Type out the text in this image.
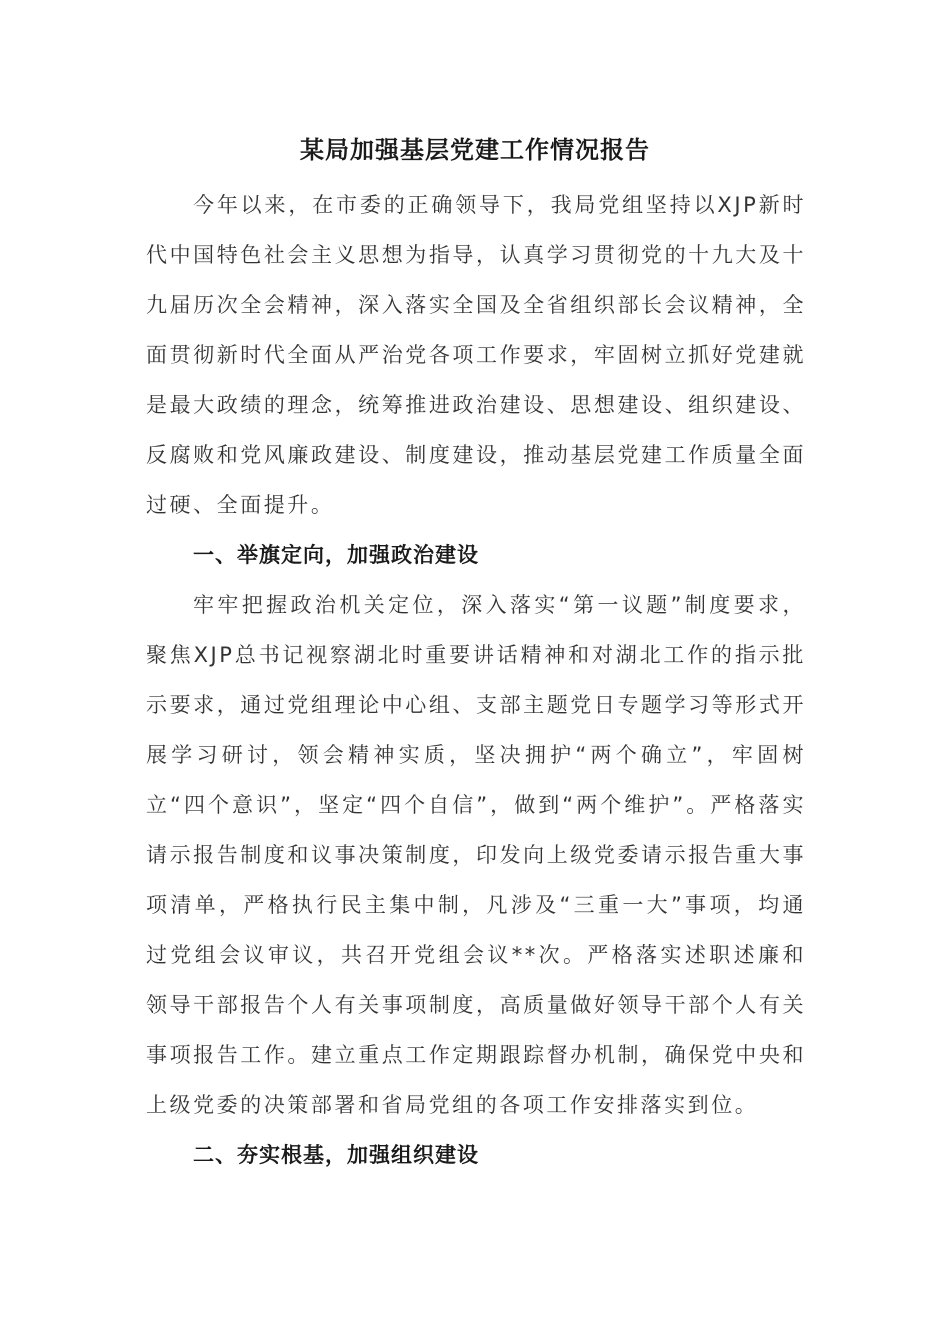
某局加强基层党建工作情况报告

今年以来，在市委的正确领导下，我局党组坚持以XJP新时代中国特色社会主义思想为指导，认真学习贯彻党的十九大及十九届历次全会精神，深入落实全国及全省组织部长会议精神，全面贯彻新时代全面从严治党各项工作要求，牢固树立抓好党建就是最大政绩的理念，统筹推进政治建设、思想建设、组织建设、反腐败和党风廉政建设、制度建设，推动基层党建工作质量全面过硬、全面提升。

一、举旗定向，加强政治建设

牢牢把握政治机关定位，深入落实“第一议题”制度要求，聚焦XJP总书记视察湖北时重要讲话精神和对湖北工作的指示批示要求，通过党组理论中心组、支部主题党日专题学习等形式开展学习研讨，领会精神实质，坚决拥护“两个确立”，牢固树立“四个意识”，坚定“四个自信”，做到“两个维护”。严格落实请示报告制度和议事决策制度，印发向上级党委请示报告重大事项清单，严格执行民主集中制，凡涉及“三重一大”事项，均通过党组会议审议，共召开党组会议**次。严格落实述职述廉和领导干部报告个人有关事项制度，高质量做好领导干部个人有关事项报告工作。建立重点工作定期跟踪督办机制，确保党中央和上级党委的决策部署和省局党组的各项工作安排落实到位。

二、夯实根基，加强组织建设
